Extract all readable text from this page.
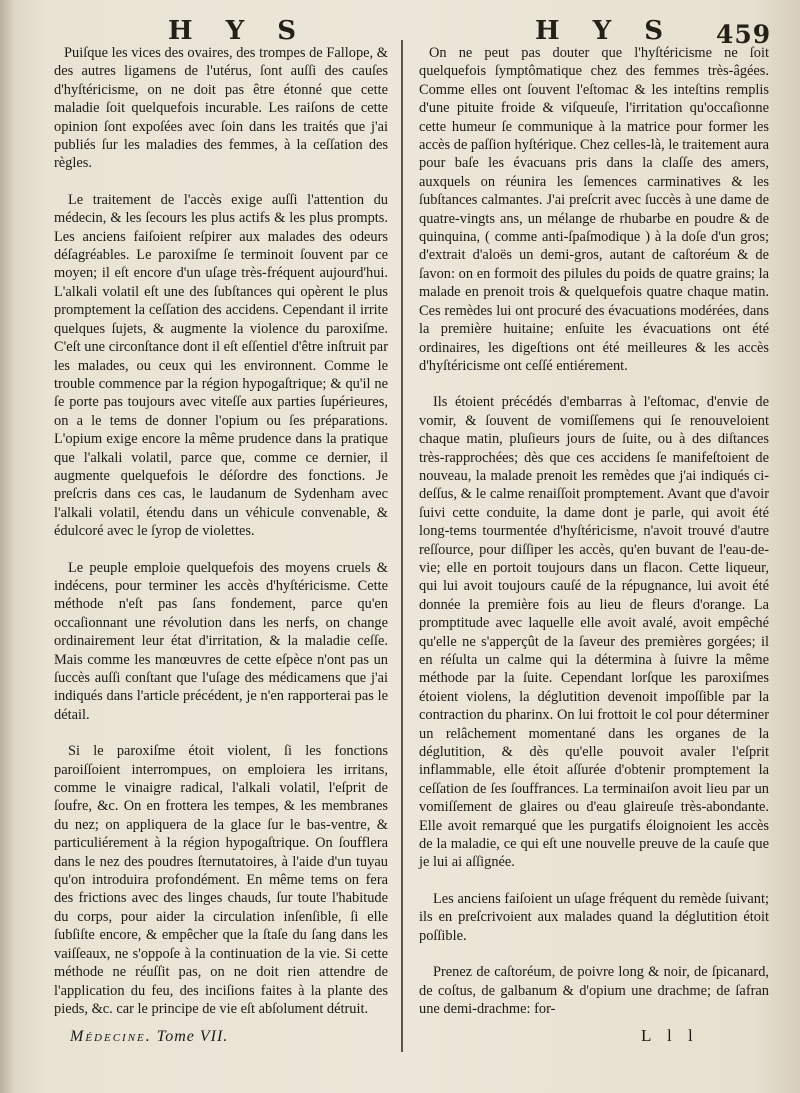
H Y S	H Y S 459

Puiſque les vices des ovaires, des trompes de Fallope, & des autres ligamens de l'utérus, ſont auſſi des cauſes d'hyſtéricisme, on ne doit pas être étonné que cette maladie ſoit quelquefois incurable. Les raiſons de cette opinion ſont expoſées avec ſoin dans les traités que j'ai publiés ſur les maladies des femmes, à la ceſſation des règles.

Le traitement de l'accès exige auſſi l'attention du médecin, & les ſecours les plus actifs & les plus prompts. Les anciens faiſoient reſpirer aux malades des odeurs déſagréables. Le paroxiſme ſe terminoit ſouvent par ce moyen; il eſt encore d'un uſage très-fréquent aujourd'hui. L'alkali volatil eſt une des ſubſtances qui opèrent le plus promptement la ceſſation des accidens. Cependant il irrite quelques ſujets, & augmente la violence du paroxiſme. C'eſt une circonſtance dont il eſt eſſentiel d'être inſtruit par les malades, ou ceux qui les environnent. Comme le trouble commence par la région hypogaſtrique; & qu'il ne ſe porte pas toujours avec viteſſe aux parties ſupérieures, on a le tems de donner l'opium ou ſes préparations. L'opium exige encore la même prudence dans la pratique que l'alkali volatil, parce que, comme ce dernier, il augmente quelquefois le déſordre des fonctions. Je preſcris dans ces cas, le laudanum de Sydenham avec l'alkali volatil, étendu dans un véhicule convenable, & édulcoré avec le ſyrop de violettes.

Le peuple emploie quelquefois des moyens cruels & indécens, pour terminer les accès d'hyſtéricisme. Cette méthode n'eſt pas ſans fondement, parce qu'en occaſionnant une révolution dans les nerfs, on change ordinairement leur état d'irritation, & la maladie ceſſe. Mais comme les manœuvres de cette eſpèce n'ont pas un ſuccès auſſi conſtant que l'uſage des médicamens que j'ai indiqués dans l'article précédent, je n'en rapporterai pas le détail.

Si le paroxiſme étoit violent, ſi les fonctions paroiſſoient interrompues, on emploiera les irritans, comme le vinaigre radical, l'alkali volatil, l'eſprit de ſoufre, &c. On en frottera les tempes, & les membranes du nez; on appliquera de la glace ſur le bas-ventre, & particuliérement à la région hypogaſtrique. On ſoufflera dans le nez des poudres ſternutatoires, à l'aide d'un tuyau qu'on introduira profondément. En même tems on fera des frictions avec des linges chauds, ſur toute l'habitude du corps, pour aider la circulation inſenſible, ſi elle ſubſiſte encore, & empêcher que la ſtaſe du ſang dans les vaiſſeaux, ne s'oppoſe à la continuation de la vie. Si cette méthode ne réuſſit pas, on ne doit rien attendre de l'application du feu, des inciſions faites à la plante des pieds, &c. car le principe de vie eſt abſolument détruit.

On ne peut pas douter que l'hyſtéricisme ne ſoit quelquefois ſymptômatique chez des femmes très-âgées. Comme elles ont ſouvent l'eſtomac & les inteſtins remplis d'une pituite froide & viſqueuſe, l'irritation qu'occaſionne cette humeur ſe communique à la matrice pour former les accès de paſſion hyſtérique. Chez celles-là, le traitement aura pour baſe les évacuans pris dans la claſſe des amers, auxquels on réunira les ſemences carminatives & les ſubſtances calmantes. J'ai preſcrit avec ſuccès à une dame de quatre-vingts ans, un mélange de rhubarbe en poudre & de quinquina, ( comme anti-ſpaſmodique ) à la doſe d'un gros; d'extrait d'aloës un demi-gros, autant de caſtoréum & de ſavon: on en formoit des pilules du poids de quatre grains; la malade en prenoit trois & quelquefois quatre chaque matin. Ces remèdes lui ont procuré des évacuations modérées, dans la première huitaine; enſuite les évacuations ont été ordinaires, les digeſtions ont été meilleures & les accès d'hyſtéricisme ont ceſſé entiérement.

Ils étoient précédés d'embarras à l'eſtomac, d'envie de vomir, & ſouvent de vomiſſemens qui ſe renouveloient chaque matin, pluſieurs jours de ſuite, ou à des diſtances très-rapprochées; dès que ces accidens ſe manifeſtoient de nouveau, la malade prenoit les remèdes que j'ai indiqués ci-deſſus, & le calme renaiſſoit promptement. Avant que d'avoir ſuivi cette conduite, la dame dont je parle, qui avoit été long-tems tourmentée d'hyſtéricisme, n'avoit trouvé d'autre reſſource, pour diſſiper les accès, qu'en buvant de l'eau-de-vie; elle en portoit toujours dans un flacon. Cette liqueur, qui lui avoit toujours cauſé de la répugnance, lui avoit été donnée la première fois au lieu de fleurs d'orange. La promptitude avec laquelle elle avoit avalé, avoit empêché qu'elle ne s'apperçût de la ſaveur des premières gorgées; il en réſulta un calme qui la détermina à ſuivre la même méthode par la ſuite. Cependant lorſque les paroxiſmes étoient violens, la déglutition devenoit impoſſible par la contraction du pharinx. On lui frottoit le col pour déterminer un relâchement momentané dans les organes de la déglutition, & dès qu'elle pouvoit avaler l'eſprit inflammable, elle étoit aſſurée d'obtenir promptement la ceſſation de ſes ſouffrances. La terminaiſon avoit lieu par un vomiſſement de glaires ou d'eau glaireuſe très-abondante. Elle avoit remarqué que les purgatifs éloignoient les accès de la maladie, ce qui eſt une nouvelle preuve de la cauſe que je lui ai aſſignée.

Les anciens faiſoient un uſage fréquent du remède ſuivant; ils en preſcrivoient aux malades quand la déglutition étoit poſſible.

Prenez de caſtoréum, de poivre long & noir, de ſpicanard, de coſtus, de galbanum & d'opium une drachme; de ſafran une demi-drachme: for-

Médecine. Tome VII.	L l l
